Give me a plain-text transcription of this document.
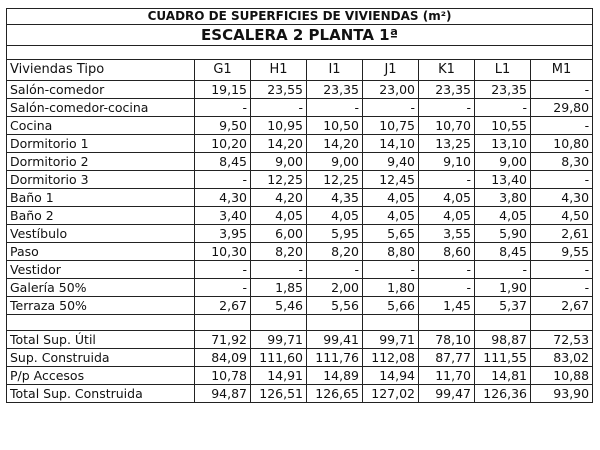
CUADRO DE SUPERFICIES DE VIVIENDAS (m²)							
ESCALERA 2 PLANTA 1ª							

Viviendas Tipo	G1	H1	I1	J1	K1	L1	M1
Salón-comedor	19,15	23,55	23,35	23,00	23,35	23,35	-
Salón-comedor-cocina	-	-	-	-	-	-	29,80
Cocina	9,50	10,95	10,50	10,75	10,70	10,55	-
Dormitorio 1	10,20	14,20	14,20	14,10	13,25	13,10	10,80
Dormitorio 2	8,45	9,00	9,00	9,40	9,10	9,00	8,30
Dormitorio 3	-	12,25	12,25	12,45	-	13,40	-
Baño 1	4,30	4,20	4,35	4,05	4,05	3,80	4,30
Baño 2	3,40	4,05	4,05	4,05	4,05	4,05	4,50
Vestíbulo	3,95	6,00	5,95	5,65	3,55	5,90	2,61
Paso	10,30	8,20	8,20	8,80	8,60	8,45	9,55
Vestidor	-	-	-	-	-	-	-
Galería 50%	-	1,85	2,00	1,80	-	1,90	-
Terraza 50%	2,67	5,46	5,56	5,66	1,45	5,37	2,67

Total Sup. Útil	71,92	99,71	99,41	99,71	78,10	98,87	72,53
Sup. Construida	84,09	111,60	111,76	112,08	87,77	111,55	83,02
P/p Accesos	10,78	14,91	14,89	14,94	11,70	14,81	10,88
Total Sup. Construida	94,87	126,51	126,65	127,02	99,47	126,36	93,90
